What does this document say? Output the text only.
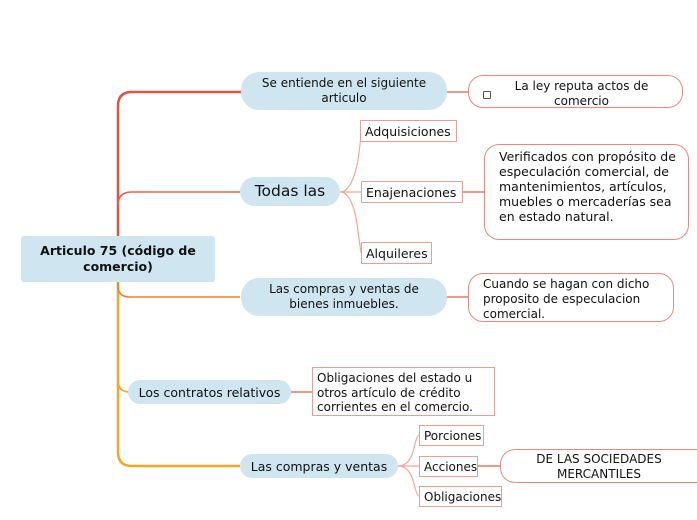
Articulo 75 (código de comercio)
Se entiende en el siguiente articulo
La ley reputa actos de comercio
Todas las
Adquisiciones
Enajenaciones
Alquileres
Verificados con propósito de especulación comercial, de mantenimientos, artículos, muebles o mercaderías sea en estado natural.
Las compras y ventas de bienes inmuebles.
Cuando se hagan con dicho proposito de especulacion comercial.
Los contratos relativos
Obligaciones del estado u otros artículo de crédito corrientes en el comercio.
Las compras y ventas
Porciones
Acciones
Obligaciones
DE LAS SOCIEDADES MERCANTILES
